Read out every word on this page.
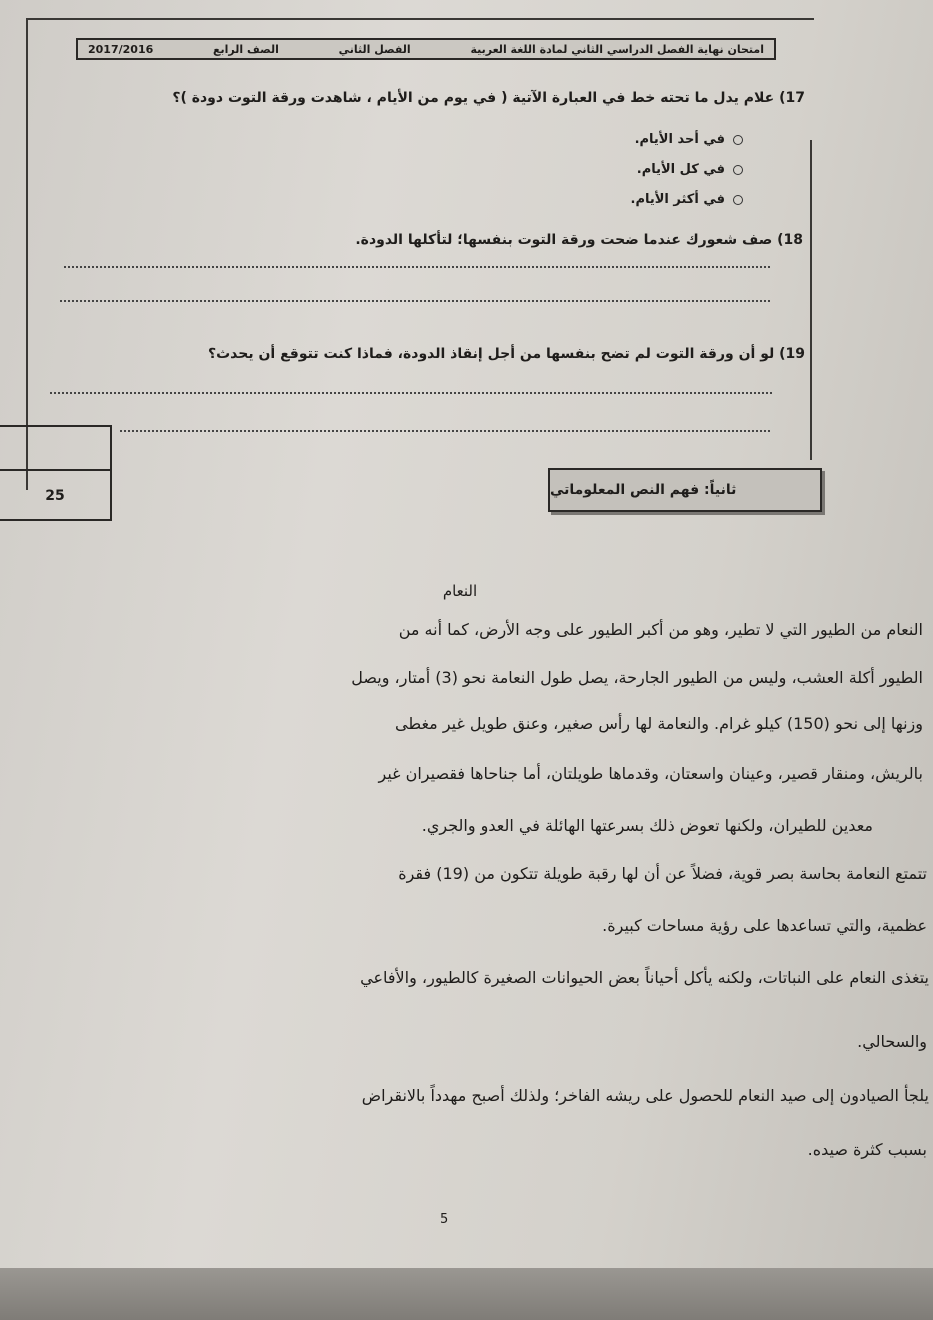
امتحان نهاية الفصل الدراسي الثاني لمادة اللغة العربية
الفصل الثاني
الصف الرابع
2017/2016
17) علام يدل ما تحته خط في العبارة الآتية ( في يوم من الأيام ، شاهدت ورقة التوت دودة )؟
في أحد الأيام.
في كل الأيام.
في أكثر الأيام.
18) صف شعورك عندما ضحت ورقة التوت بنفسها؛ لتأكلها الدودة.
19) لو أن ورقة التوت لم تضح بنفسها من أجل إنقاذ الدودة، فماذا كنت تتوقع أن يحدث؟
25	ثانياً: فهم النص المعلوماتي
النعام
النعام من الطيور التي لا تطير، وهو من أكبر الطيور على وجه الأرض، كما أنه من
الطيور أكلة العشب، وليس من الطيور الجارحة، يصل طول النعامة نحو (3) أمتار، ويصل
وزنها إلى نحو (150) كيلو غرام. والنعامة لها رأس صغير، وعنق طويل غير مغطى
بالريش، ومنقار قصير، وعينان واسعتان، وقدماها طويلتان، أما جناحاها فقصيران غير
معدين للطيران، ولكنها تعوض ذلك بسرعتها الهائلة في العدو والجري.
تتمتع النعامة بحاسة بصر قوية، فضلاً عن أن لها رقبة طويلة تتكون من (19) فقرة
عظمية، والتي تساعدها على رؤية مساحات كبيرة.
يتغذى النعام على النباتات، ولكنه يأكل أحياناً بعض الحيوانات الصغيرة كالطيور، والأفاعي
والسحالي.
يلجأ الصيادون إلى صيد النعام للحصول على ريشه الفاخر؛ ولذلك أصبح مهدداً بالانقراض
بسبب كثرة صيده.
5
